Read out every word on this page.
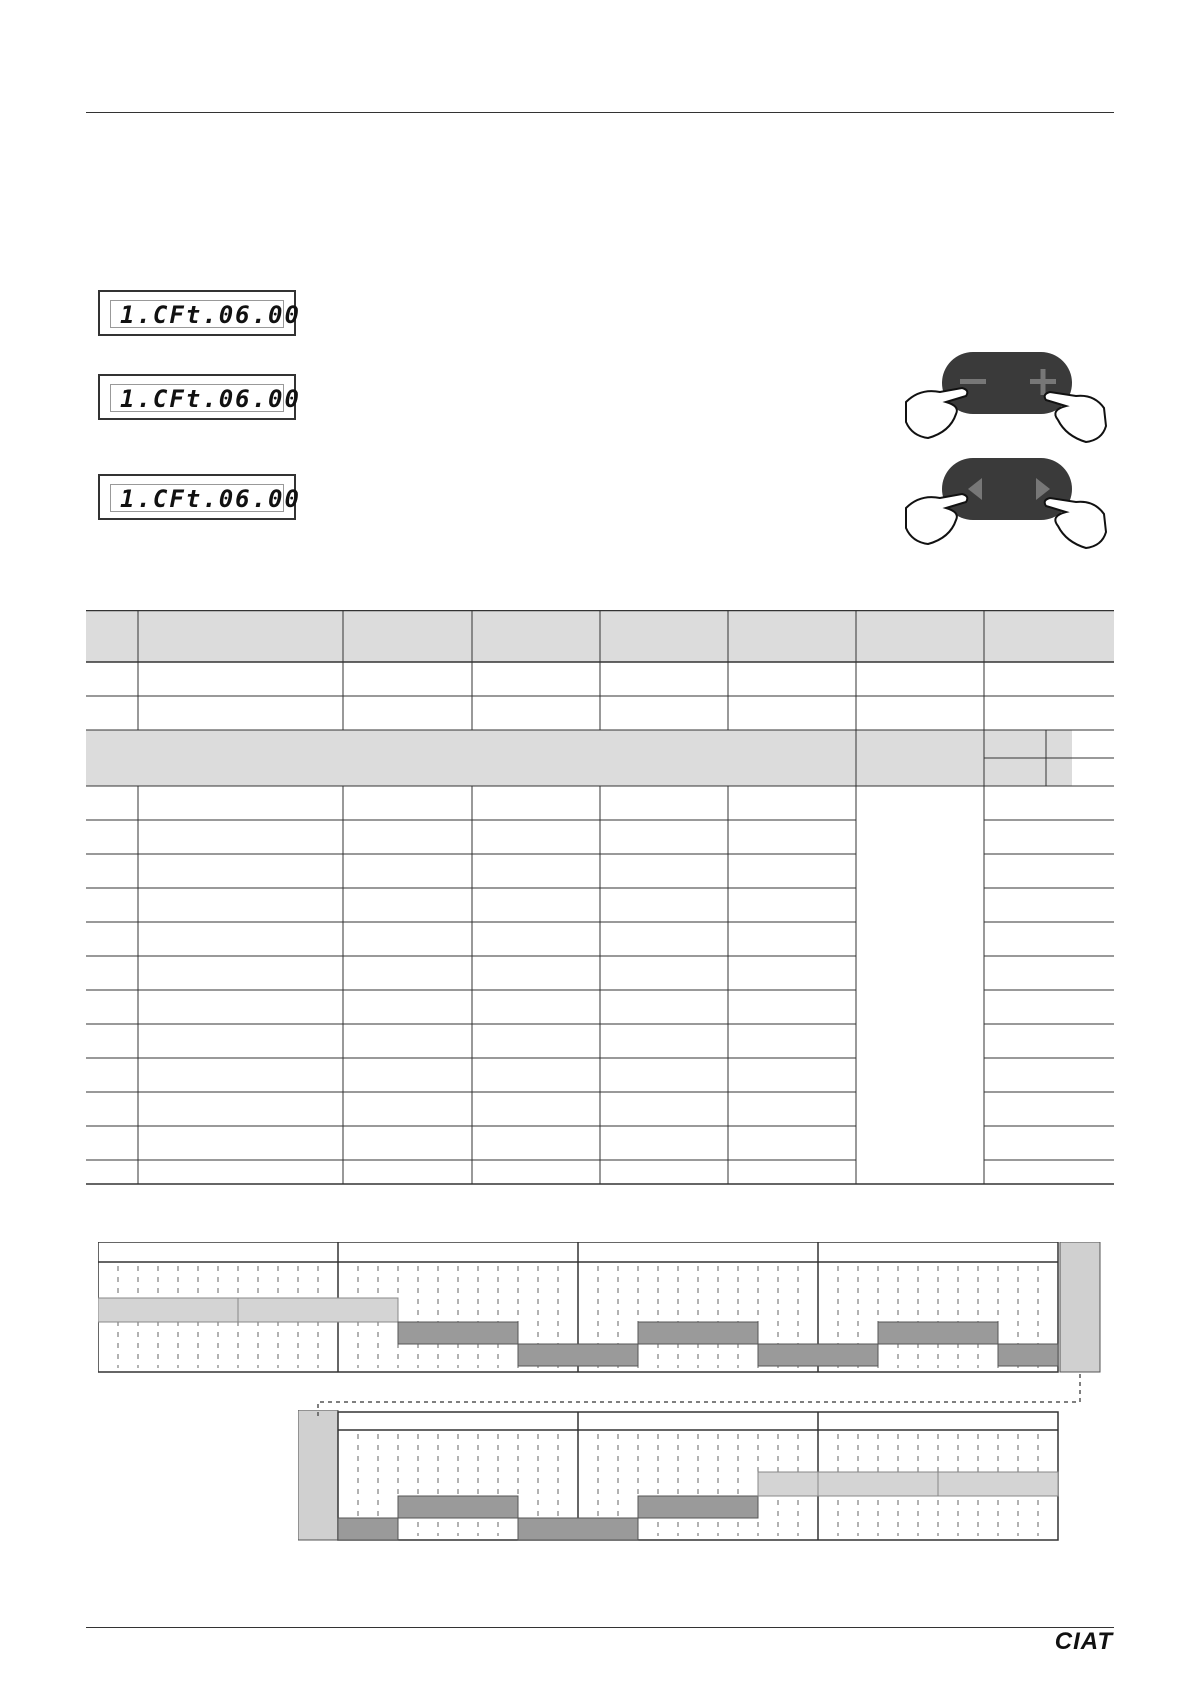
1.CFt.06.00
1.CFt.06.00
1.CFt.06.00
CIAT
